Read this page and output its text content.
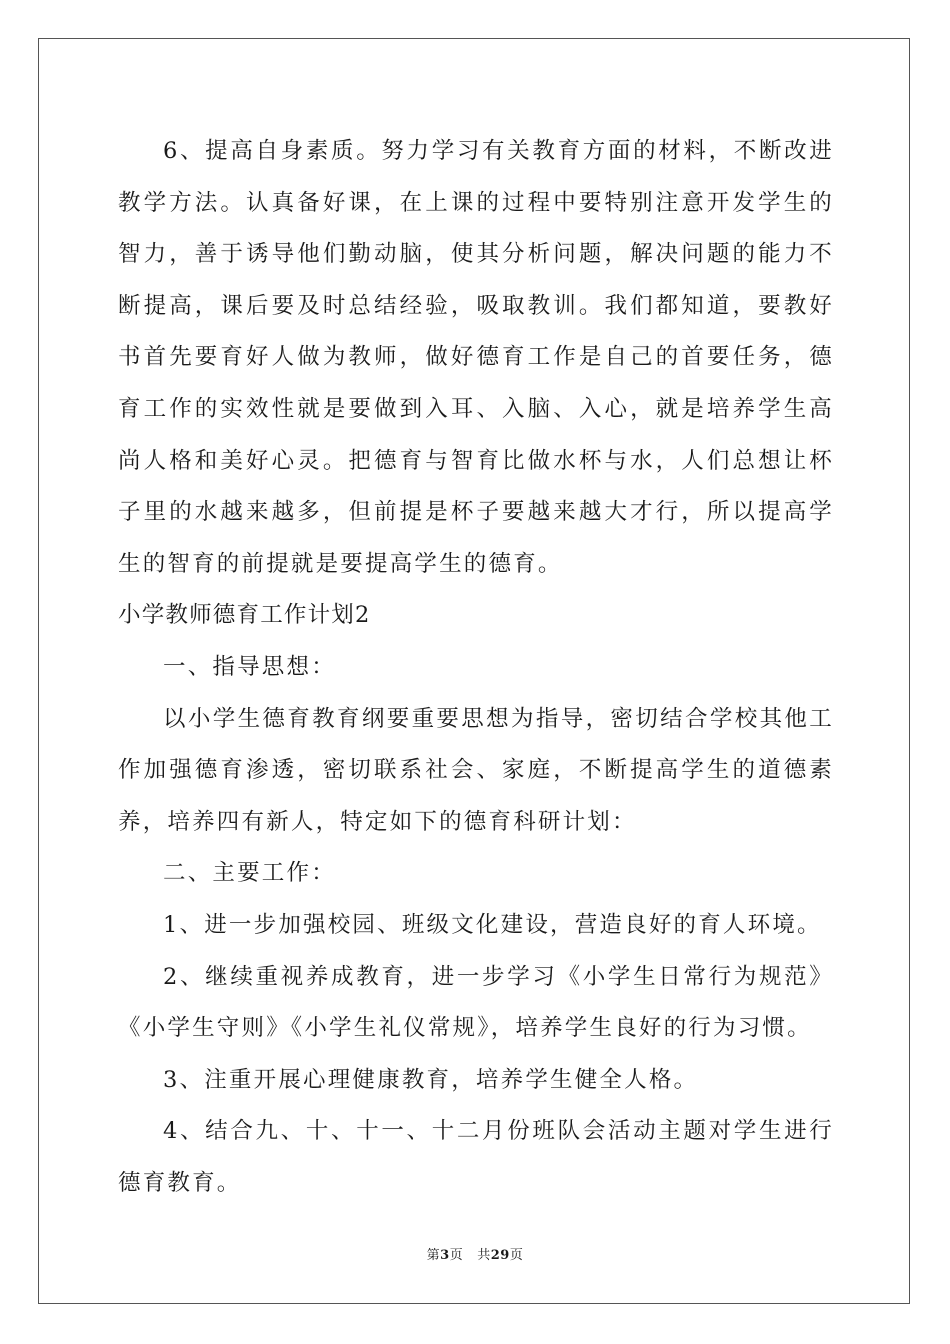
6、提高自身素质。努力学习有关教育方面的材料，不断改进教学方法。认真备好课，在上课的过程中要特别注意开发学生的智力，善于诱导他们勤动脑，使其分析问题，解决问题的能力不断提高，课后要及时总结经验，吸取教训。我们都知道，要教好书首先要育好人做为教师，做好德育工作是自己的首要任务，德育工作的实效性就是要做到入耳、入脑、入心，就是培养学生高尚人格和美好心灵。把德育与智育比做水杯与水，人们总想让杯子里的水越来越多，但前提是杯子要越来越大才行，所以提高学生的智育的前提就是要提高学生的德育。

小学教师德育工作计划2

一、指导思想：

以小学生德育教育纲要重要思想为指导，密切结合学校其他工作加强德育渗透，密切联系社会、家庭，不断提高学生的道德素养，培养四有新人，特定如下的德育科研计划：

二、主要工作：

1、进一步加强校园、班级文化建设，营造良好的育人环境。

2、继续重视养成教育，进一步学习《小学生日常行为规范》《小学生守则》《小学生礼仪常规》，培养学生良好的行为习惯。

3、注重开展心理健康教育，培养学生健全人格。

4、结合九、十、十一、十二月份班队会活动主题对学生进行德育教育。

第3页 共29页
